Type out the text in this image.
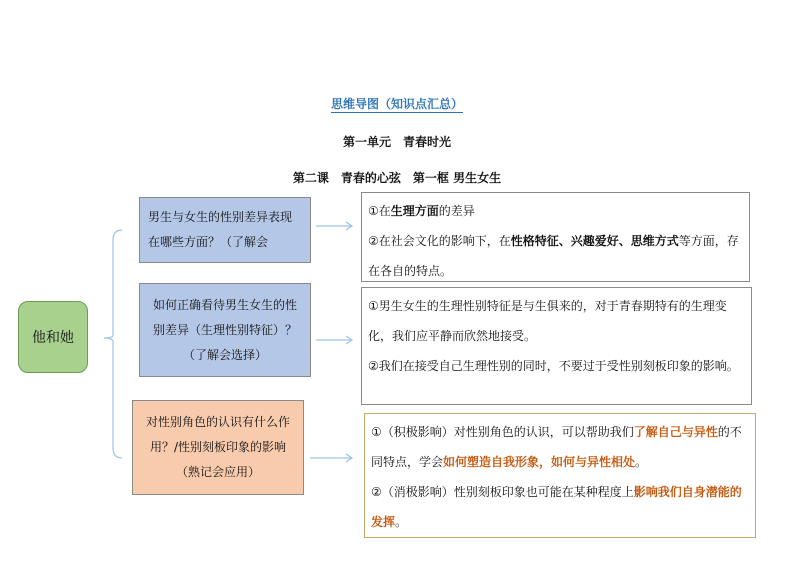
思维导图（知识点汇总）
第一单元　青春时光
第二课　青春的心弦　第一框 男生女生
他和她
男生与女生的性别差异表现在哪些方面？（了解会
如何正确看待男生女生的性别差异（生理性别特征）？（了解会选择）
对性别角色的认识有什么作用？/性别刻板印象的影响（熟记会应用）
①在生理方面的差异
②在社会文化的影响下，在性格特征、兴趣爱好、思维方式等方面，存在各自的特点。
①男生女生的生理性别特征是与生俱来的，对于青春期特有的生理变化，我们应平静而欣然地接受。
②我们在接受自己生理性别的同时，不要过于受性别刻板印象的影响。
①（积极影响）对性别角色的认识，可以帮助我们了解自己与异性的不同特点，学会如何塑造自我形象，如何与异性相处。
②（消极影响）性别刻板印象也可能在某种程度上影响我们自身潜能的发挥。
